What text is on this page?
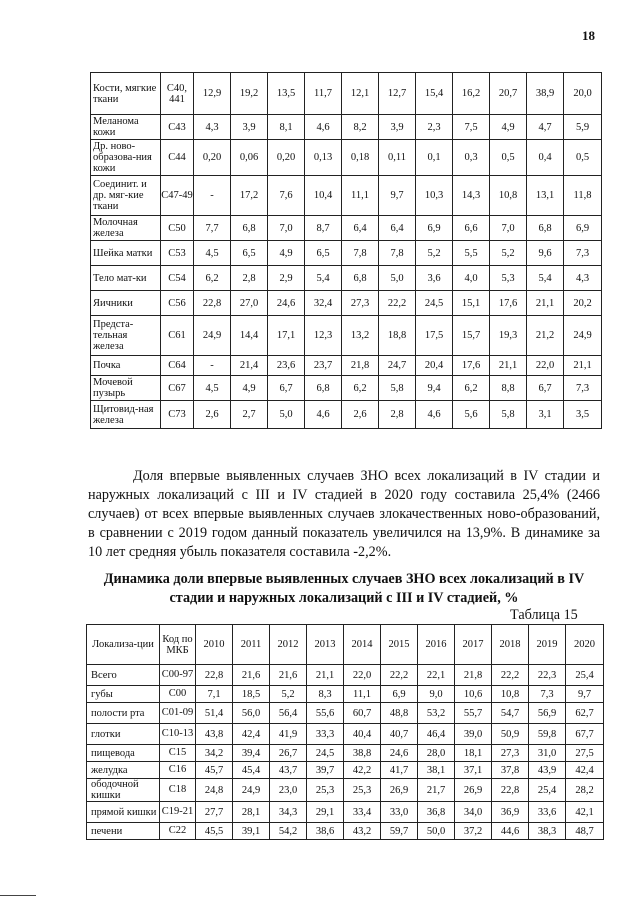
18
Кости, мягкие ткани	С40, 441	12,9	19,2	13,5	11,7	12,1	12,7	15,4	16,2	20,7	38,9	20,0
Меланома кожи	С43	4,3	3,9	8,1	4,6	8,2	3,9	2,3	7,5	4,9	4,7	5,9
Др. ново-образова-ния кожи	С44	0,20	0,06	0,20	0,13	0,18	0,11	0,1	0,3	0,5	0,4	0,5
Соединит. и др. мяг-кие ткани	С47-49	-	17,2	7,6	10,4	11,1	9,7	10,3	14,3	10,8	13,1	11,8
Молочная железа	С50	7,7	6,8	7,0	8,7	6,4	6,4	6,9	6,6	7,0	6,8	6,9
Шейка матки	С53	4,5	6,5	4,9	6,5	7,8	7,8	5,2	5,5	5,2	9,6	7,3
Тело мат-ки	С54	6,2	2,8	2,9	5,4	6,8	5,0	3,6	4,0	5,3	5,4	4,3
Яичники	С56	22,8	27,0	24,6	32,4	27,3	22,2	24,5	15,1	17,6	21,1	20,2
Предста-тельная железа	С61	24,9	14,4	17,1	12,3	13,2	18,8	17,5	15,7	19,3	21,2	24,9
Почка	С64	-	21,4	23,6	23,7	21,8	24,7	20,4	17,6	21,1	22,0	21,1
Мочевой пузырь	С67	4,5	4,9	6,7	6,8	6,2	5,8	9,4	6,2	8,8	6,7	7,3
Щитовид-ная железа	С73	2,6	2,7	5,0	4,6	2,6	2,8	4,6	5,6	5,8	3,1	3,5

Доля впервые выявленных случаев ЗНО всех локализаций в IV стадии и наружных локализаций с III и IV стадией в 2020 году составила 25,4% (2466 случаев) от всех впервые выявленных случаев злокачественных ново-образований, в сравнении с 2019 годом данный показатель увеличился на 13,9%. В динамике за 10 лет средняя убыль показателя составила -2,2%.

Динамика доли впервые выявленных случаев ЗНО всех локализаций в IV стадии и наружных локализаций с III и IV стадией, %

Таблица 15
Локализа-ции	Код по МКБ	2010	2011	2012	2013	2014	2015	2016	2017	2018	2019	2020
Всего	С00-97	22,8	21,6	21,6	21,1	22,0	22,2	22,1	21,8	22,2	22,3	25,4
губы	С00	7,1	18,5	5,2	8,3	11,1	6,9	9,0	10,6	10,8	7,3	9,7
полости рта	С01-09	51,4	56,0	56,4	55,6	60,7	48,8	53,2	55,7	54,7	56,9	62,7
глотки	С10-13	43,8	42,4	41,9	33,3	40,4	40,7	46,4	39,0	50,9	59,8	67,7
пищевода	С15	34,2	39,4	26,7	24,5	38,8	24,6	28,0	18,1	27,3	31,0	27,5
желудка	С16	45,7	45,4	43,7	39,7	42,2	41,7	38,1	37,1	37,8	43,9	42,4
ободочной кишки	С18	24,8	24,9	23,0	25,3	25,3	26,9	21,7	26,9	22,8	25,4	28,2
прямой кишки	С19-21	27,7	28,1	34,3	29,1	33,4	33,0	36,8	34,0	36,9	33,6	42,1
печени	С22	45,5	39,1	54,2	38,6	43,2	59,7	50,0	37,2	44,6	38,3	48,7
